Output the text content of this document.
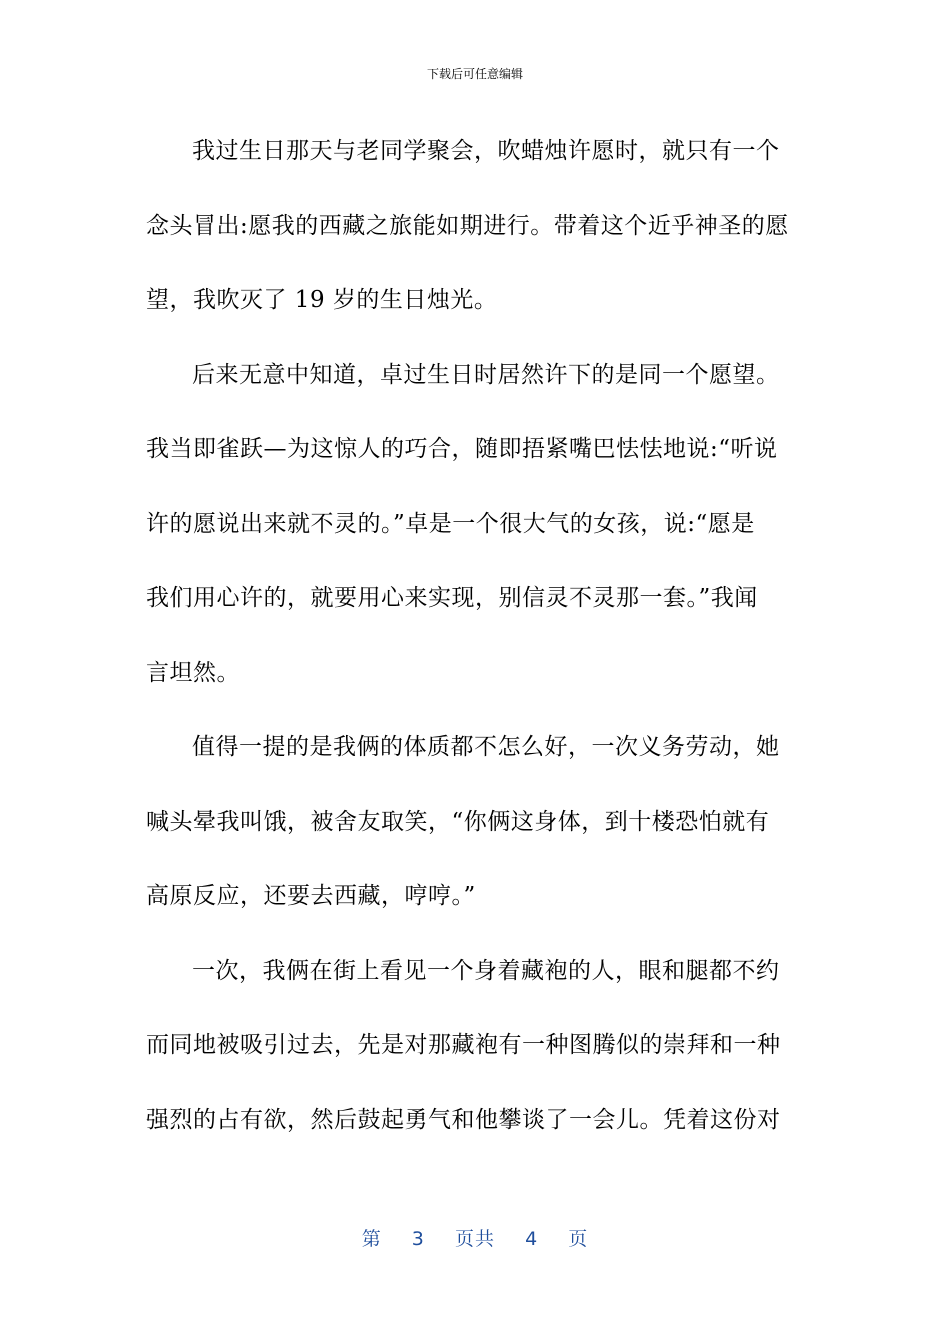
下载后可任意编辑
我过生日那天与老同学聚会，吹蜡烛许愿时，就只有一个
念头冒出:愿我的西藏之旅能如期进行。带着这个近乎神圣的愿
望，我吹灭了 19 岁的生日烛光。
后来无意中知道，卓过生日时居然许下的是同一个愿望。
我当即雀跃—为这惊人的巧合，随即捂紧嘴巴怯怯地说:“听说
许的愿说出来就不灵的。”卓是一个很大气的女孩，说:“愿是
我们用心许的，就要用心来实现，别信灵不灵那一套。”我闻
言坦然。
值得一提的是我俩的体质都不怎么好，一次义务劳动，她
喊头晕我叫饿，被舍友取笑，“你俩这身体，到十楼恐怕就有
高原反应，还要去西藏，哼哼。”
一次，我俩在街上看见一个身着藏袍的人，眼和腿都不约
而同地被吸引过去，先是对那藏袍有一种图腾似的崇拜和一种
强烈的占有欲，然后鼓起勇气和他攀谈了一会儿。凭着这份对
第 3 页共 4 页
